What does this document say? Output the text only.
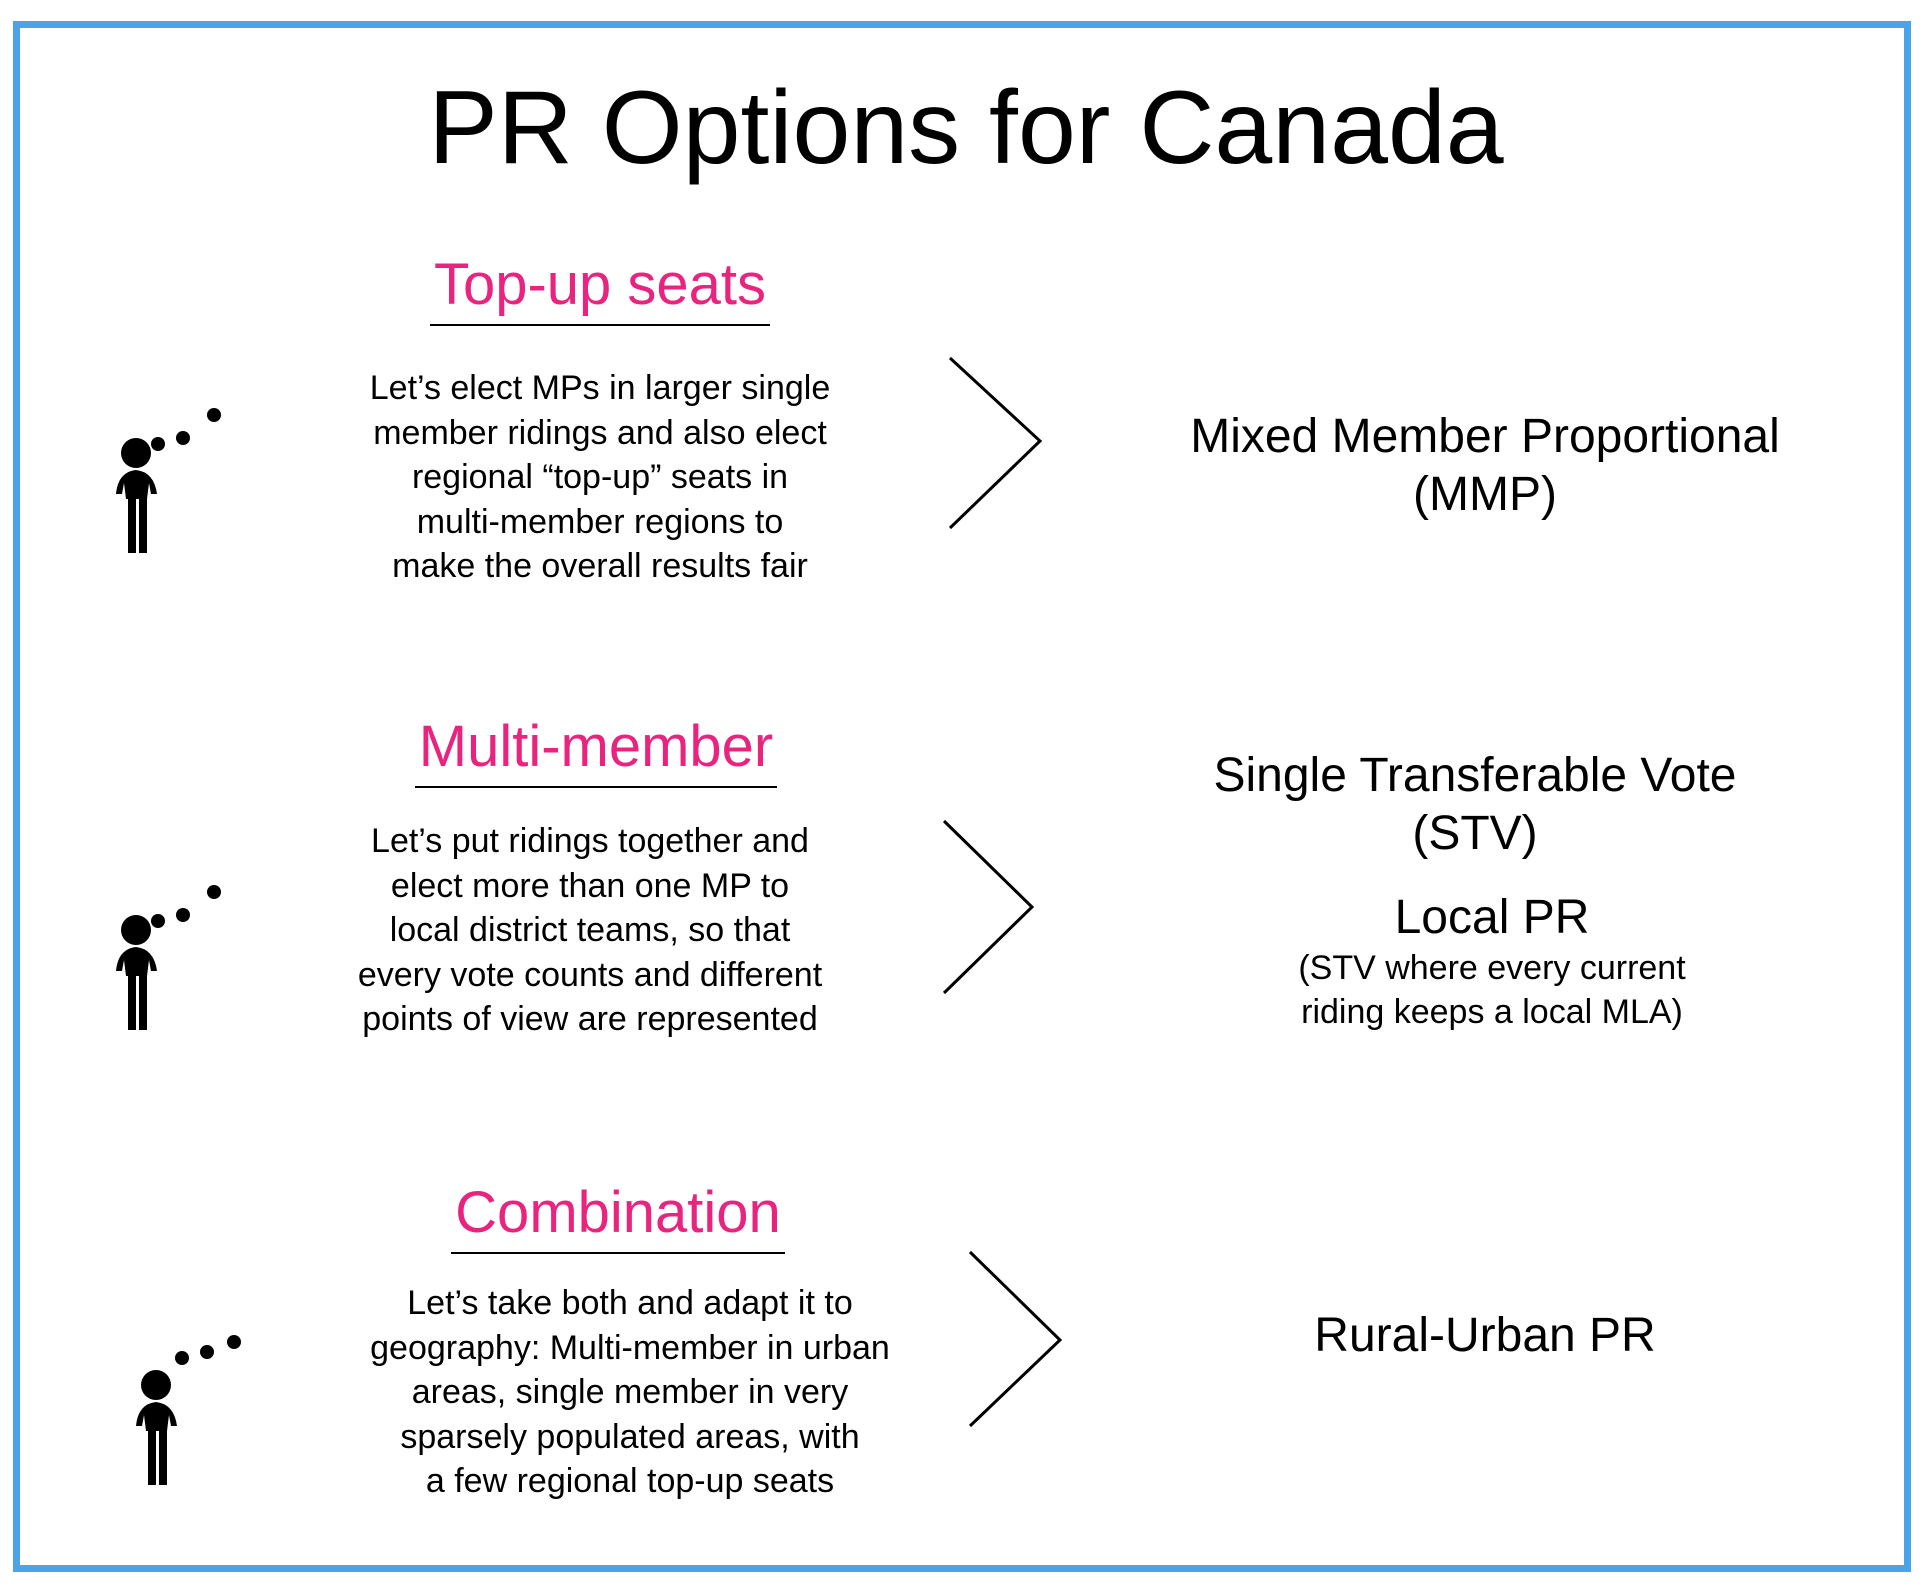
PR Options for Canada
Top-up seats
Let’s elect MPs in larger single
member ridings and also elect
regional “top-up” seats in
multi-member regions to
make the overall results fair
Mixed Member Proportional
(MMP)
Multi-member
Let’s put ridings together and
elect more than one MP to
local district teams, so that
every vote counts and different
points of view are represented
Single Transferable Vote
(STV)
Local PR
(STV where every current
riding keeps a local MLA)
Combination
Let’s take both and adapt it to
geography: Multi-member in urban
areas, single member in very
sparsely populated areas, with
a few regional top-up seats
Rural-Urban PR
